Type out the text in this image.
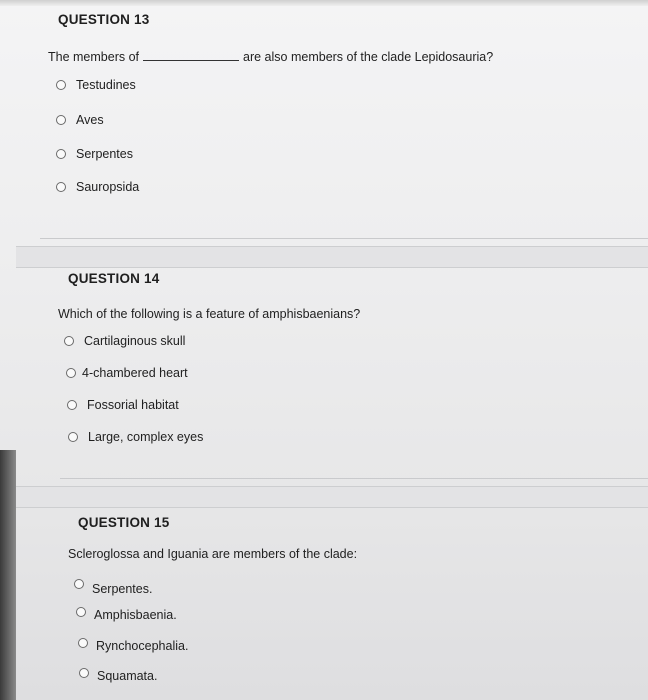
QUESTION 13
The members of	are also members of the clade Lepidosauria?
Testudines
Aves
Serpentes
Sauropsida
QUESTION 14
Which of the following is a feature of amphisbaenians?
Cartilaginous skull
4-chambered heart
Fossorial habitat
Large, complex eyes
QUESTION 15
Scleroglossa and Iguania are members of the clade:
Serpentes.
Amphisbaenia.
Rynchocephalia.
Squamata.
